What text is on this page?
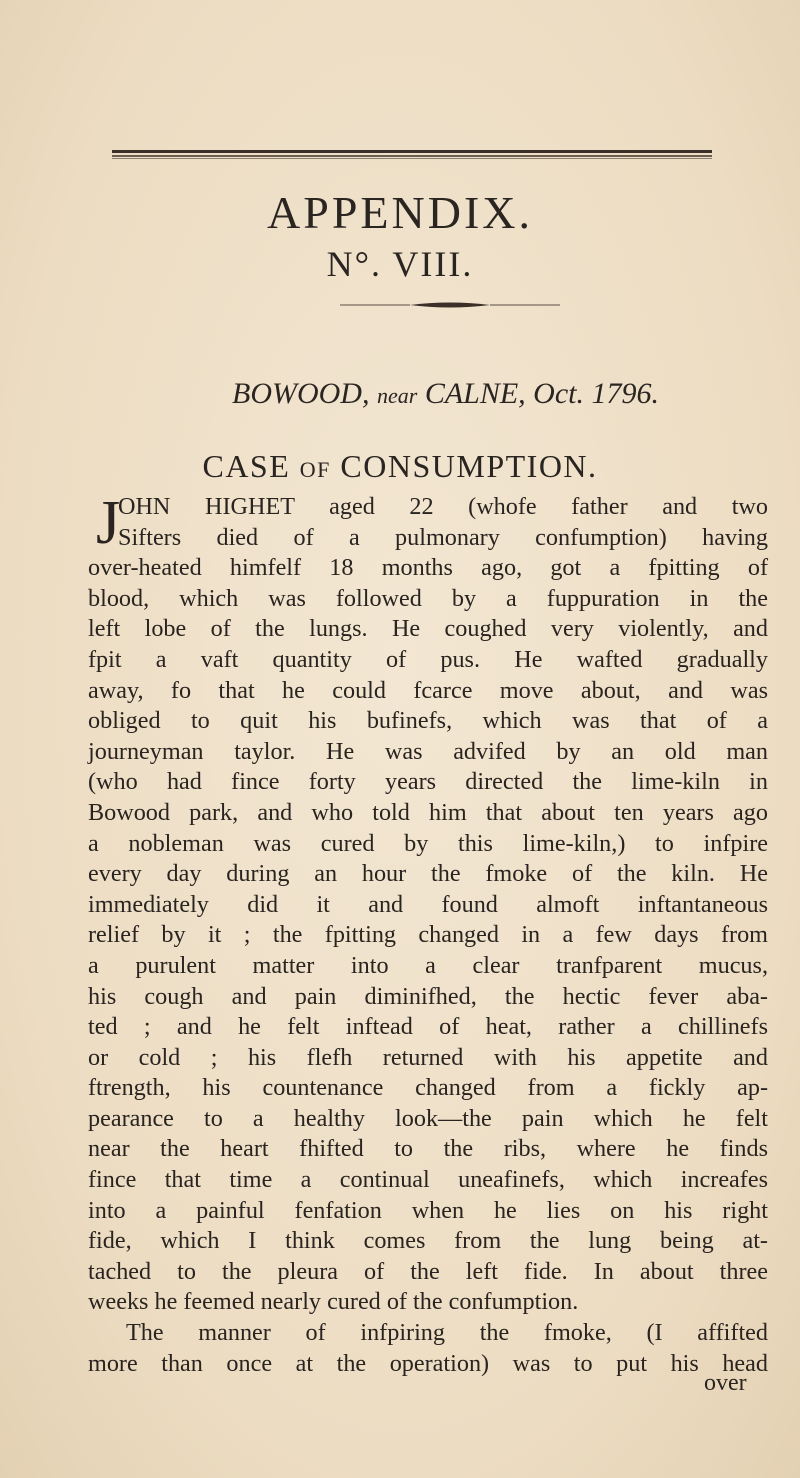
APPENDIX.
N°. VIII.
BOWOOD, near CALNE, Oct. 1796.
CASE OF CONSUMPTION.
J
OHN HIGHET aged 22 (whofe father and two
Sifters died of a pulmonary confumption) having
over-heated himfelf 18 months ago, got a fpitting of
blood, which was followed by a fuppuration in the
left lobe of the lungs. He coughed very violently, and
fpit a vaft quantity of pus. He wafted gradually
away, fo that he could fcarce move about, and was
obliged to quit his bufinefs, which was that of a
journeyman taylor. He was advifed by an old man
(who had fince forty years directed the lime-kiln in
Bowood park, and who told him that about ten years ago
a nobleman was cured by this lime-kiln,) to infpire
every day during an hour the fmoke of the kiln. He
immediately did it and found almoft inftantaneous
relief by it ; the fpitting changed in a few days from
a purulent matter into a clear tranfparent mucus,
his cough and pain diminifhed, the hectic fever aba-
ted ; and he felt inftead of heat, rather a chillinefs
or cold ; his flefh returned with his appetite and
ftrength, his countenance changed from a fickly ap-
pearance to a healthy look—the pain which he felt
near the heart fhifted to the ribs, where he finds
fince that time a continual uneafinefs, which increafes
into a painful fenfation when he lies on his right
fide, which I think comes from the lung being at-
tached to the pleura of the left fide. In about three
weeks he feemed nearly cured of the confumption.
The manner of infpiring the fmoke, (I affifted
more than once at the operation) was to put his head
over
